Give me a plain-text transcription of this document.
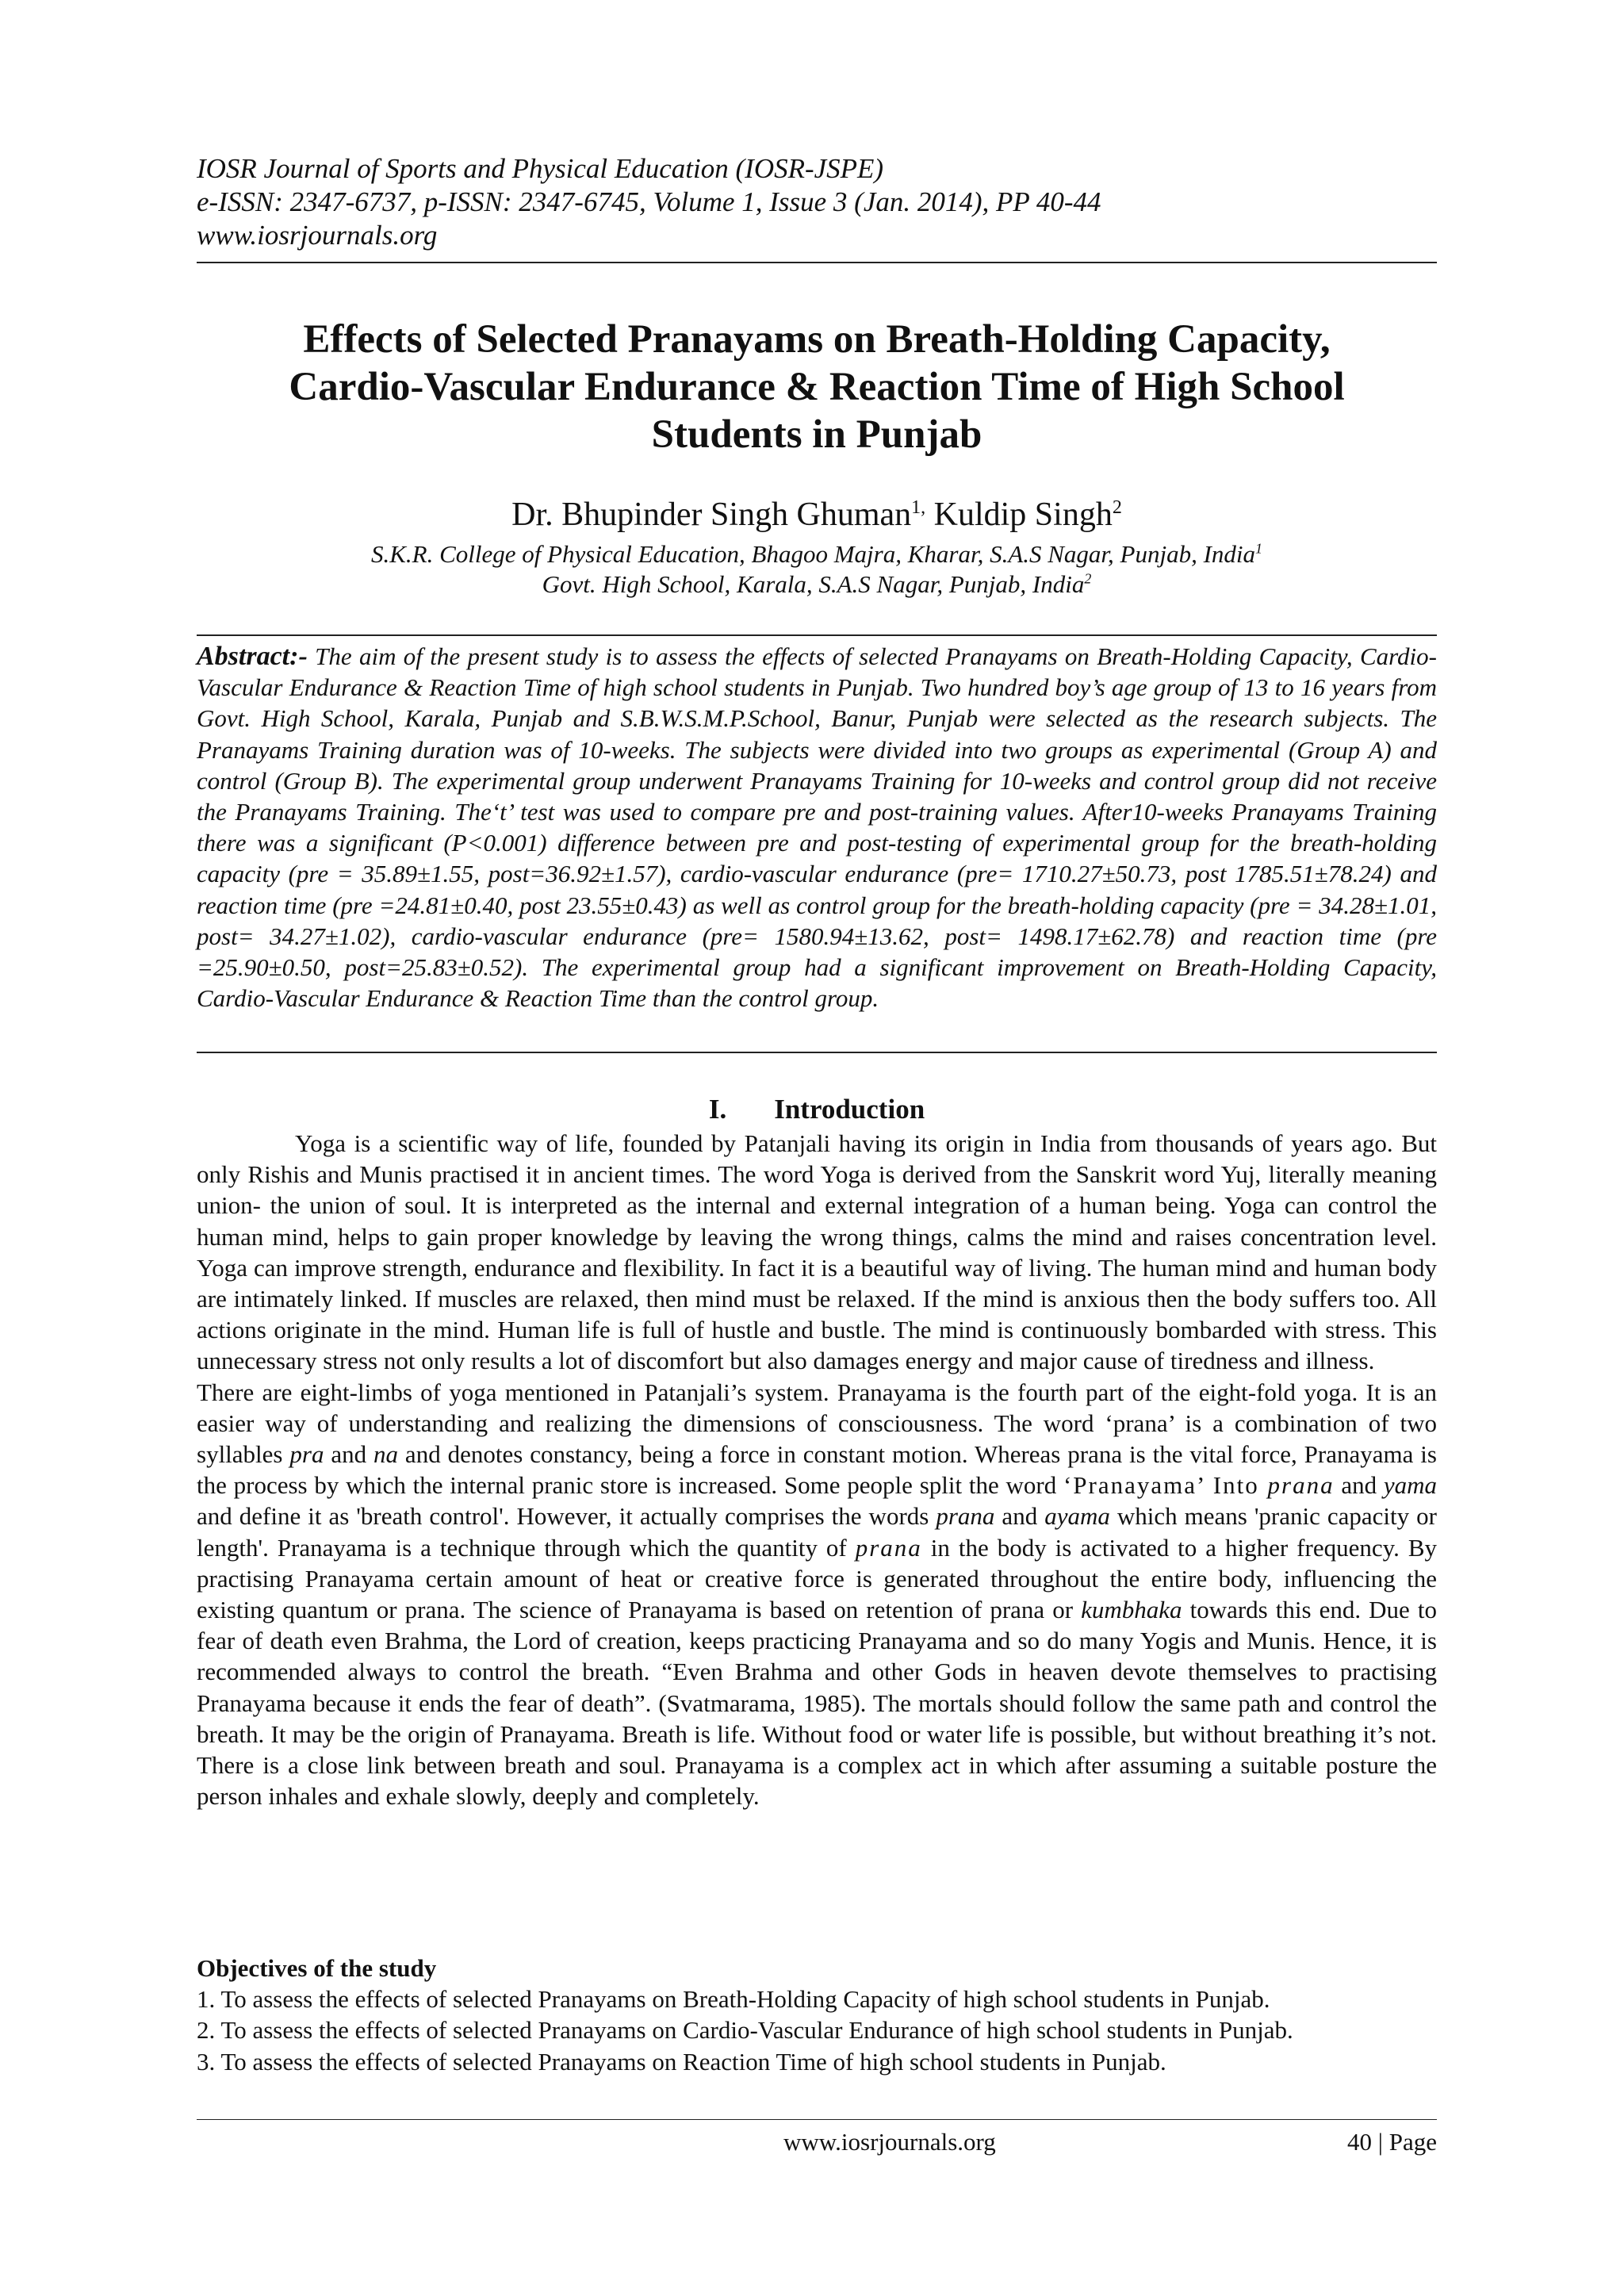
IOSR Journal of Sports and Physical Education (IOSR-JSPE)
e-ISSN: 2347-6737, p-ISSN: 2347-6745, Volume 1, Issue 3 (Jan. 2014), PP 40-44
www.iosrjournals.org
Effects of Selected Pranayams on Breath-Holding Capacity,
Cardio-Vascular Endurance & Reaction Time of High School
Students in Punjab
Dr. Bhupinder Singh Ghuman$^{1,}$ Kuldip Singh$^2$
S.K.R. College of Physical Education, Bhagoo Majra, Kharar, S.A.S Nagar, Punjab, India$^1$
Govt. High School, Karala, S.A.S Nagar, Punjab, India$^2$
Abstract:- The aim of the present study is to assess the effects of selected Pranayams on Breath-Holding Capacity, Cardio-Vascular Endurance & Reaction Time of high school students in Punjab. Two hundred boy’s age group of 13 to 16 years from Govt. High School, Karala, Punjab and S.B.W.S.M.P.School, Banur, Punjab were selected as the research subjects. The Pranayams Training duration was of 10-weeks. The subjects were divided into two groups as experimental (Group A) and control (Group B). The experimental group underwent Pranayams Training for 10-weeks and control group did not receive the Pranayams Training. The‘t’ test was used to compare pre and post-training values. After10-weeks Pranayams Training there was a significant (P<0.001) difference between pre and post-testing of experimental group for the breath-holding capacity (pre = 35.89±1.55, post=36.92±1.57), cardio-vascular endurance (pre= 1710.27±50.73, post 1785.51±78.24) and reaction time (pre =24.81±0.40, post 23.55±0.43) as well as control group for the breath-holding capacity (pre = 34.28±1.01, post= 34.27±1.02), cardio-vascular endurance (pre= 1580.94±13.62, post= 1498.17±62.78) and reaction time (pre =25.90±0.50, post=25.83±0.52). The experimental group had a significant improvement on Breath-Holding Capacity, Cardio-Vascular Endurance & Reaction Time than the control group.
I. Introduction

Yoga is a scientific way of life, founded by Patanjali having its origin in India from thousands of years ago. But only Rishis and Munis practised it in ancient times. The word Yoga is derived from the Sanskrit word Yuj, literally meaning union- the union of soul. It is interpreted as the internal and external integration of a human being. Yoga can control the human mind, helps to gain proper knowledge by leaving the wrong things, calms the mind and raises concentration level. Yoga can improve strength, endurance and flexibility. In fact it is a beautiful way of living. The human mind and human body are intimately linked. If muscles are relaxed, then mind must be relaxed. If the mind is anxious then the body suffers too. All actions originate in the mind. Human life is full of hustle and bustle. The mind is continuously bombarded with stress. This unnecessary stress not only results a lot of discomfort but also damages energy and major cause of tiredness and illness.

There are eight-limbs of yoga mentioned in Patanjali’s system. Pranayama is the fourth part of the eight-fold yoga. It is an easier way of understanding and realizing the dimensions of consciousness. The word ‘prana’ is a combination of two syllables pra and na and denotes constancy, being a force in constant motion. Whereas prana is the vital force, Pranayama is the process by which the internal pranic store is increased. Some people split the word ‘Pranayama’ Into prana and yama and define it as 'breath control'. However, it actually comprises the words prana and ayama which means 'pranic capacity or length'. Pranayama is a technique through which the quantity of prana in the body is activated to a higher frequency. By practising Pranayama certain amount of heat or creative force is generated throughout the entire body, influencing the existing quantum or prana. The science of Pranayama is based on retention of prana or kumbhaka towards this end. Due to fear of death even Brahma, the Lord of creation, keeps practicing Pranayama and so do many Yogis and Munis. Hence, it is recommended always to control the breath. “Even Brahma and other Gods in heaven devote themselves to practising Pranayama because it ends the fear of death”. (Svatmarama, 1985). The mortals should follow the same path and control the breath. It may be the origin of Pranayama. Breath is life. Without food or water life is possible, but without breathing it’s not. There is a close link between breath and soul. Pranayama is a complex act in which after assuming a suitable posture the person inhales and exhale slowly, deeply and completely.

Objectives of the study
1. To assess the effects of selected Pranayams on Breath-Holding Capacity of high school students in Punjab.
2. To assess the effects of selected Pranayams on Cardio-Vascular Endurance of high school students in Punjab.
3. To assess the effects of selected Pranayams on Reaction Time of high school students in Punjab.
www.iosrjournals.org	40 | Page
